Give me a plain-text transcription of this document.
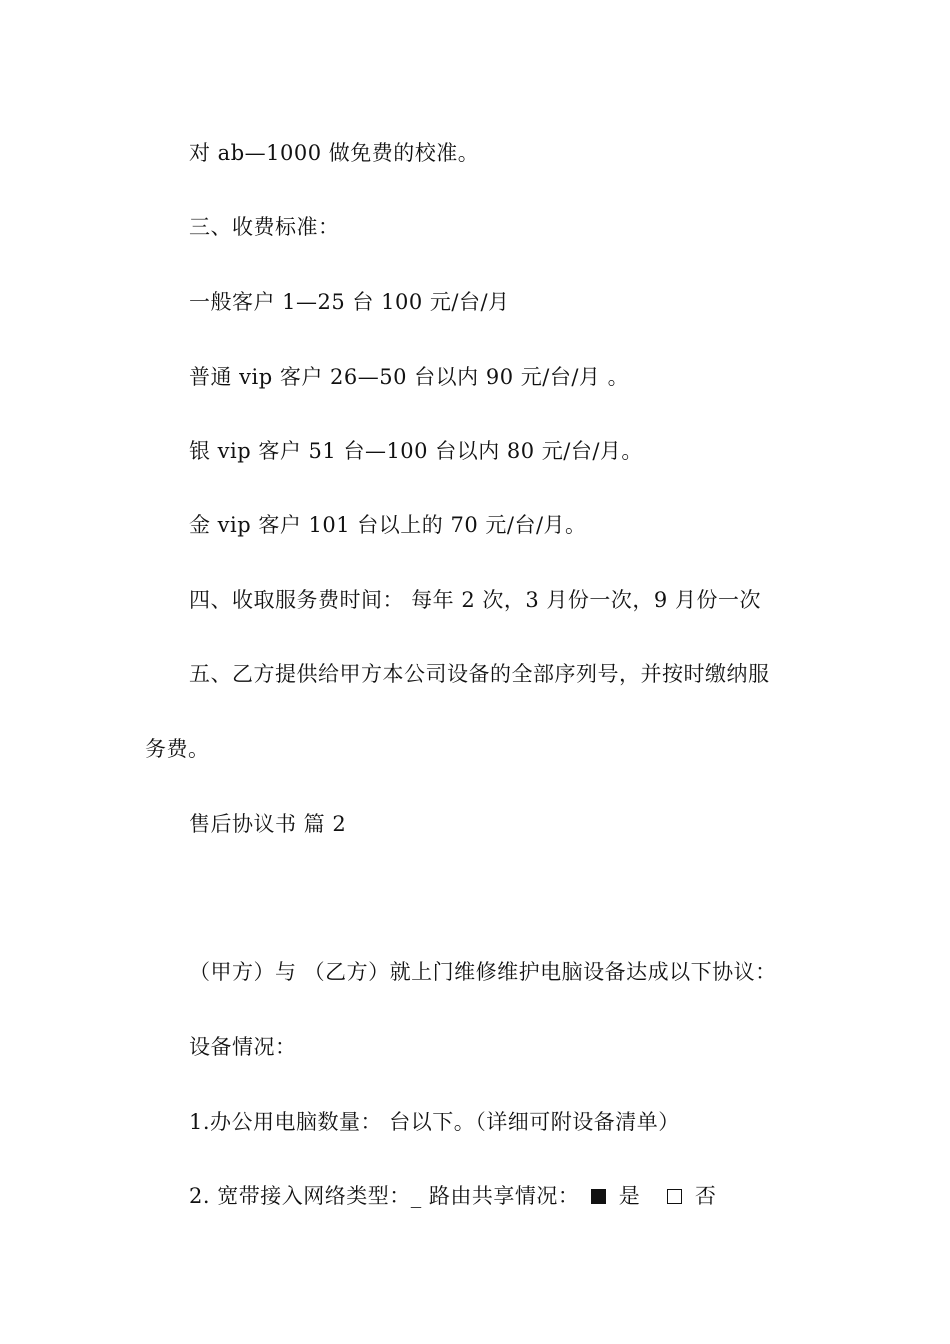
对 ab—1000 做免费的校准。
三、收费标准：
一般客户 1—25 台 100 元/台/月
普通 vip 客户 26—50 台以内 90 元/台/月 。
银 vip 客户 51 台—100 台以内 80 元/台/月。
金 vip 客户 101 台以上的 70 元/台/月。
四、收取服务费时间： 每年 2 次，3 月份一次，9 月份一次
五、乙方提供给甲方本公司设备的全部序列号，并按时缴纳服
务费。
售后协议书 篇 2
（甲方）与 （乙方）就上门维修维护电脑设备达成以下协议：
设备情况：
1.办公用电脑数量： 台以下。（详细可附设备清单）
2. 宽带接入网络类型：_ 路由共享情况： 是	否
